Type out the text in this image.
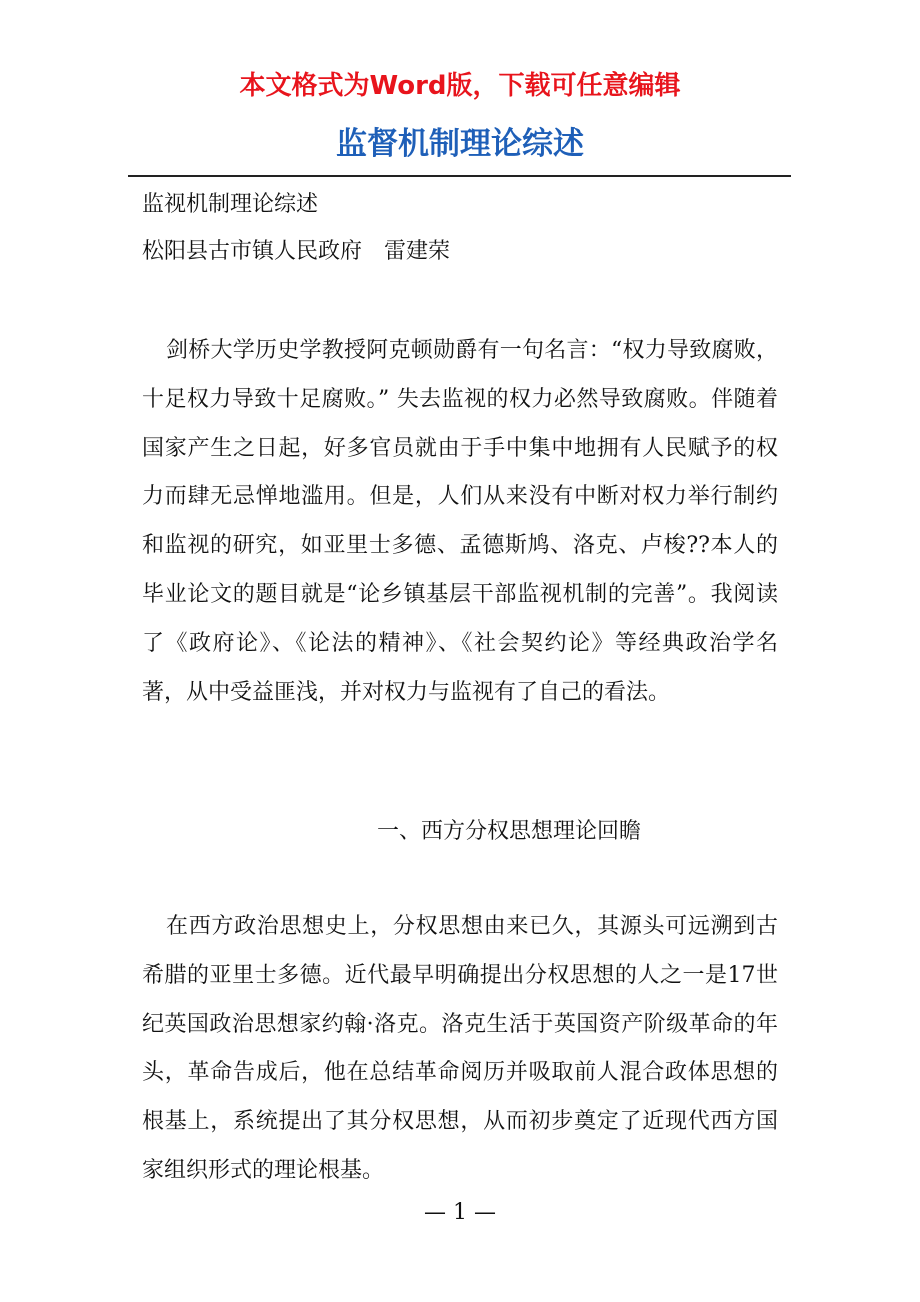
本文格式为Word版，下载可任意编辑
监督机制理论综述
监视机制理论综述
松阳县古市镇人民政府　雷建荣
剑桥大学历史学教授阿克顿勋爵有一句名言：“权力导致腐败，十足权力导致十足腐败。” 失去监视的权力必然导致腐败。伴随着国家产生之日起，好多官员就由于手中集中地拥有人民赋予的权力而肆无忌惮地滥用。但是，人们从来没有中断对权力举行制约和监视的研究，如亚里士多德、孟德斯鸠、洛克、卢梭??本人的毕业论文的题目就是“论乡镇基层干部监视机制的完善”。我阅读了《政府论》、《论法的精神》、《社会契约论》等经典政治学名著，从中受益匪浅，并对权力与监视有了自己的看法。
一、西方分权思想理论回瞻
在西方政治思想史上，分权思想由来已久，其源头可远溯到古希腊的亚里士多德。近代最早明确提出分权思想的人之一是17世纪英国政治思想家约翰·洛克。洛克生活于英国资产阶级革命的年头，革命告成后，他在总结革命阅历并吸取前人混合政体思想的根基上，系统提出了其分权思想，从而初步奠定了近现代西方国家组织形式的理论根基。
— 1 —
